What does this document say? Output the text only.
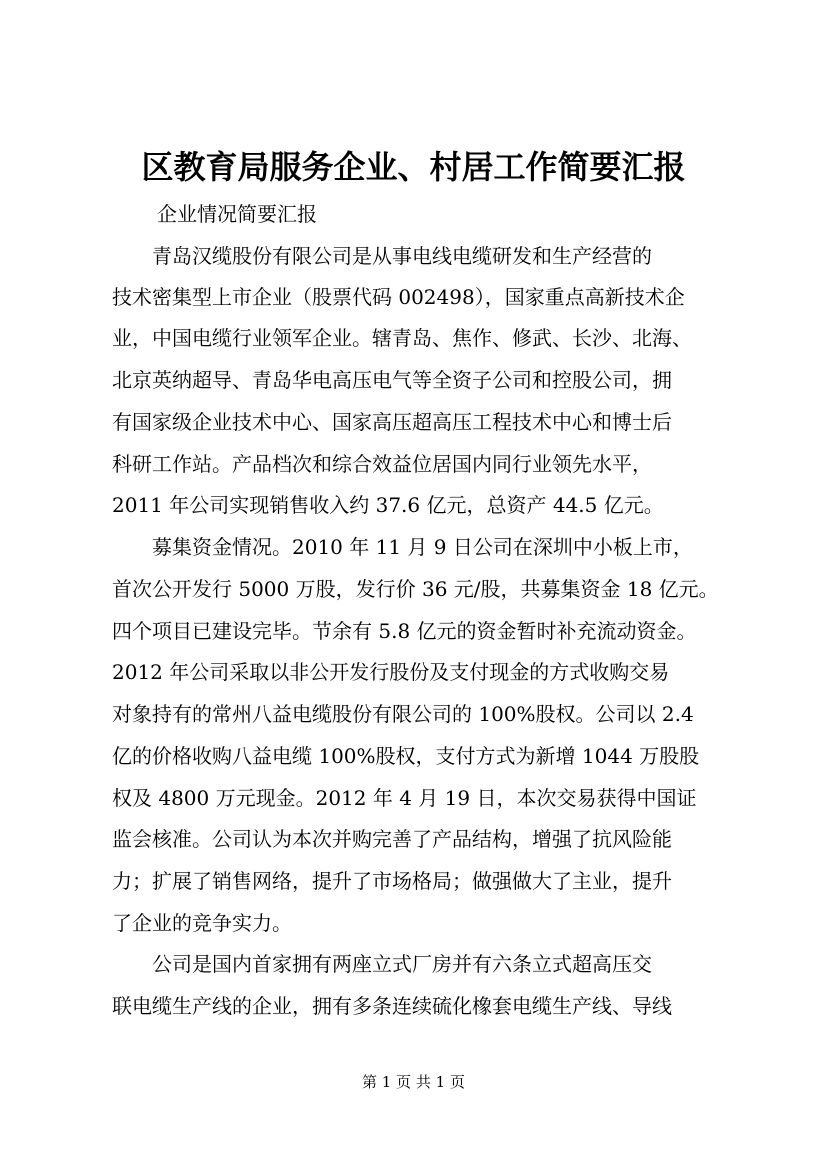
区教育局服务企业、村居工作简要汇报

企业情况简要汇报

　　青岛汉缆股份有限公司是从事电线电缆研发和生产经营的

技术密集型上市企业（股票代码 002498），国家重点高新技术企

业，中国电缆行业领军企业。辖青岛、焦作、修武、长沙、北海、

北京英纳超导、青岛华电高压电气等全资子公司和控股公司，拥

有国家级企业技术中心、国家高压超高压工程技术中心和博士后

科研工作站。产品档次和综合效益位居国内同行业领先水平，

2011 年公司实现销售收入约 37.6 亿元，总资产 44.5 亿元。

　　募集资金情况。2010 年 11 月 9 日公司在深圳中小板上市，

首次公开发行 5000 万股，发行价 36 元/股，共募集资金 18 亿元。

四个项目已建设完毕。节余有 5.8 亿元的资金暂时补充流动资金。

2012 年公司采取以非公开发行股份及支付现金的方式收购交易

对象持有的常州八益电缆股份有限公司的 100%股权。公司以 2.4

亿的价格收购八益电缆 100%股权，支付方式为新增 1044 万股股

权及 4800 万元现金。2012 年 4 月 19 日，本次交易获得中国证

监会核准。公司认为本次并购完善了产品结构，增强了抗风险能

力；扩展了销售网络，提升了市场格局；做强做大了主业，提升

了企业的竞争实力。

　　公司是国内首家拥有两座立式厂房并有六条立式超高压交

联电缆生产线的企业，拥有多条连续硫化橡套电缆生产线、导线

第 1 页 共 1 页
